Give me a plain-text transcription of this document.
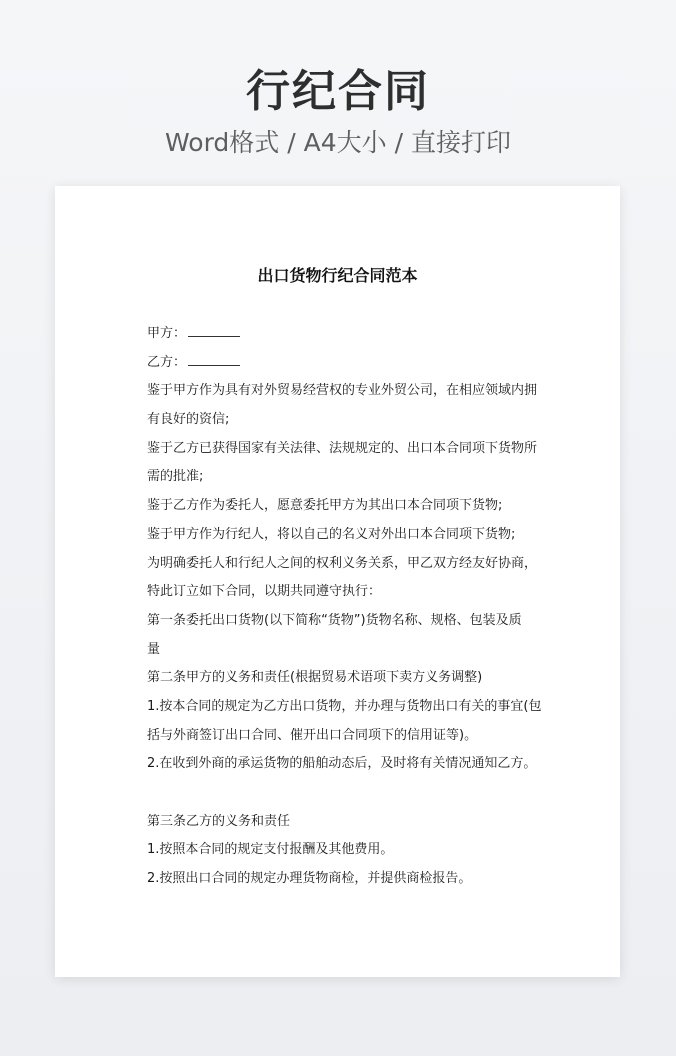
行纪合同
Word格式 / A4大小 / 直接打印
出口货物行纪合同范本
甲方：
乙方：
鉴于甲方作为具有对外贸易经营权的专业外贸公司，在相应领域内拥
有良好的资信;
鉴于乙方已获得国家有关法律、法规规定的、出口本合同项下货物所
需的批准;
鉴于乙方作为委托人，愿意委托甲方为其出口本合同项下货物;
鉴于甲方作为行纪人，将以自己的名义对外出口本合同项下货物;
为明确委托人和行纪人之间的权利义务关系，甲乙双方经友好协商，
特此订立如下合同，以期共同遵守执行：
第一条委托出口货物(以下简称“货物”)货物名称、规格、包装及质
量
第二条甲方的义务和责任(根据贸易术语项下卖方义务调整)
1.按本合同的规定为乙方出口货物，并办理与货物出口有关的事宜(包
括与外商签订出口合同、催开出口合同项下的信用证等)。
2.在收到外商的承运货物的船舶动态后，及时将有关情况通知乙方。
第三条乙方的义务和责任
1.按照本合同的规定支付报酬及其他费用。
2.按照出口合同的规定办理货物商检，并提供商检报告。
